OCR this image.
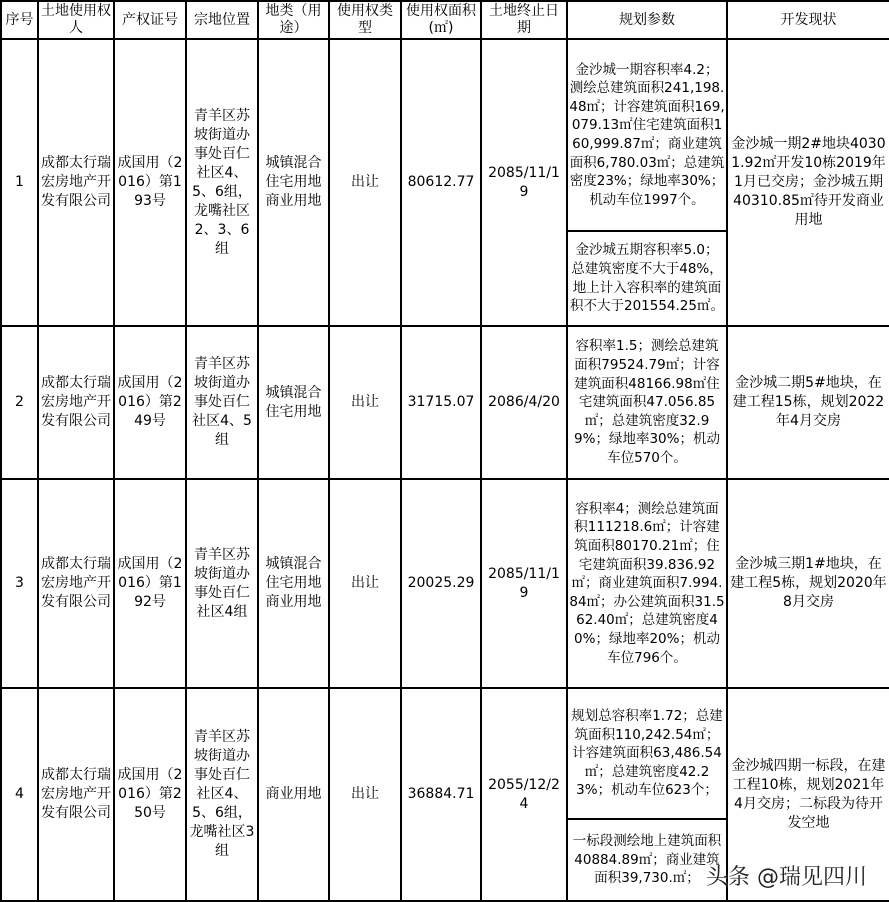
序号	土地使用权人	产权证号	宗地位置	地类（用途）	使用权类型	使用权面积(㎡)	土地终止日期	规划参数	开发现状
1	成都太行瑞宏房地产开发有限公司	成国用（2016）第193号	青羊区苏坡街道办事处百仁社区4、5、6组，龙嘴社区2、3、6组	城镇混合住宅用地商业用地	出让	80612.77	2085/11/19	金沙城一期容积率4.2；测绘总建筑面积241,198.48㎡；计容建筑面积169,079.13㎡住宅建筑面积160,999.87㎡；商业建筑面积6,780.03㎡；总建筑密度23%；绿地率30%；机动车位1997个。	金沙城一期2#地块40301.92㎡开发10栋2019年1月已交房；金沙城五期40310.85㎡待开发商业用地
								金沙城五期容积率5.0；总建筑密度不大于48%，地上计入容积率的建筑面积不大于201554.25㎡。	
2	成都太行瑞宏房地产开发有限公司	成国用（2016）第249号	青羊区苏坡街道办事处百仁社区4、5组	城镇混合住宅用地	出让	31715.07	2086/4/20	容积率1.5；测绘总建筑面积79524.79㎡；计容建筑面积48166.98㎡住宅建筑面积47.056.85㎡；总建筑密度32.99%；绿地率30%；机动车位570个。	金沙城二期5#地块，在建工程15栋，规划2022年4月交房
3	成都太行瑞宏房地产开发有限公司	成国用（2016）第192号	青羊区苏坡街道办事处百仁社区4组	城镇混合住宅用地商业用地	出让	20025.29	2085/11/19	容积率4；测绘总建筑面积111218.6㎡；计容建筑面积80170.21㎡；住宅建筑面积39.836.92㎡；商业建筑面积7.994.84㎡；办公建筑面积31.562.40㎡；总建筑密度40%；绿地率20%；机动车位796个。	金沙城三期1#地块，在建工程5栋，规划2020年8月交房
4	成都太行瑞宏房地产开发有限公司	成国用（2016）第250号	青羊区苏坡街道办事处百仁社区4、5、6组，龙嘴社区3组	商业用地	出让	36884.71	2055/12/24	规划总容积率1.72；总建筑面积110,242.54㎡；计容建筑面积63,486.54㎡；总建筑密度42.23%；机动车位623个；	金沙城四期一标段，在建工程10栋，规划2021年4月交房；二标段为待开发空地
								一标段测绘地上建筑面积40884.89㎡；商业建筑面积39,730.㎡；	头条 @瑞见四川
